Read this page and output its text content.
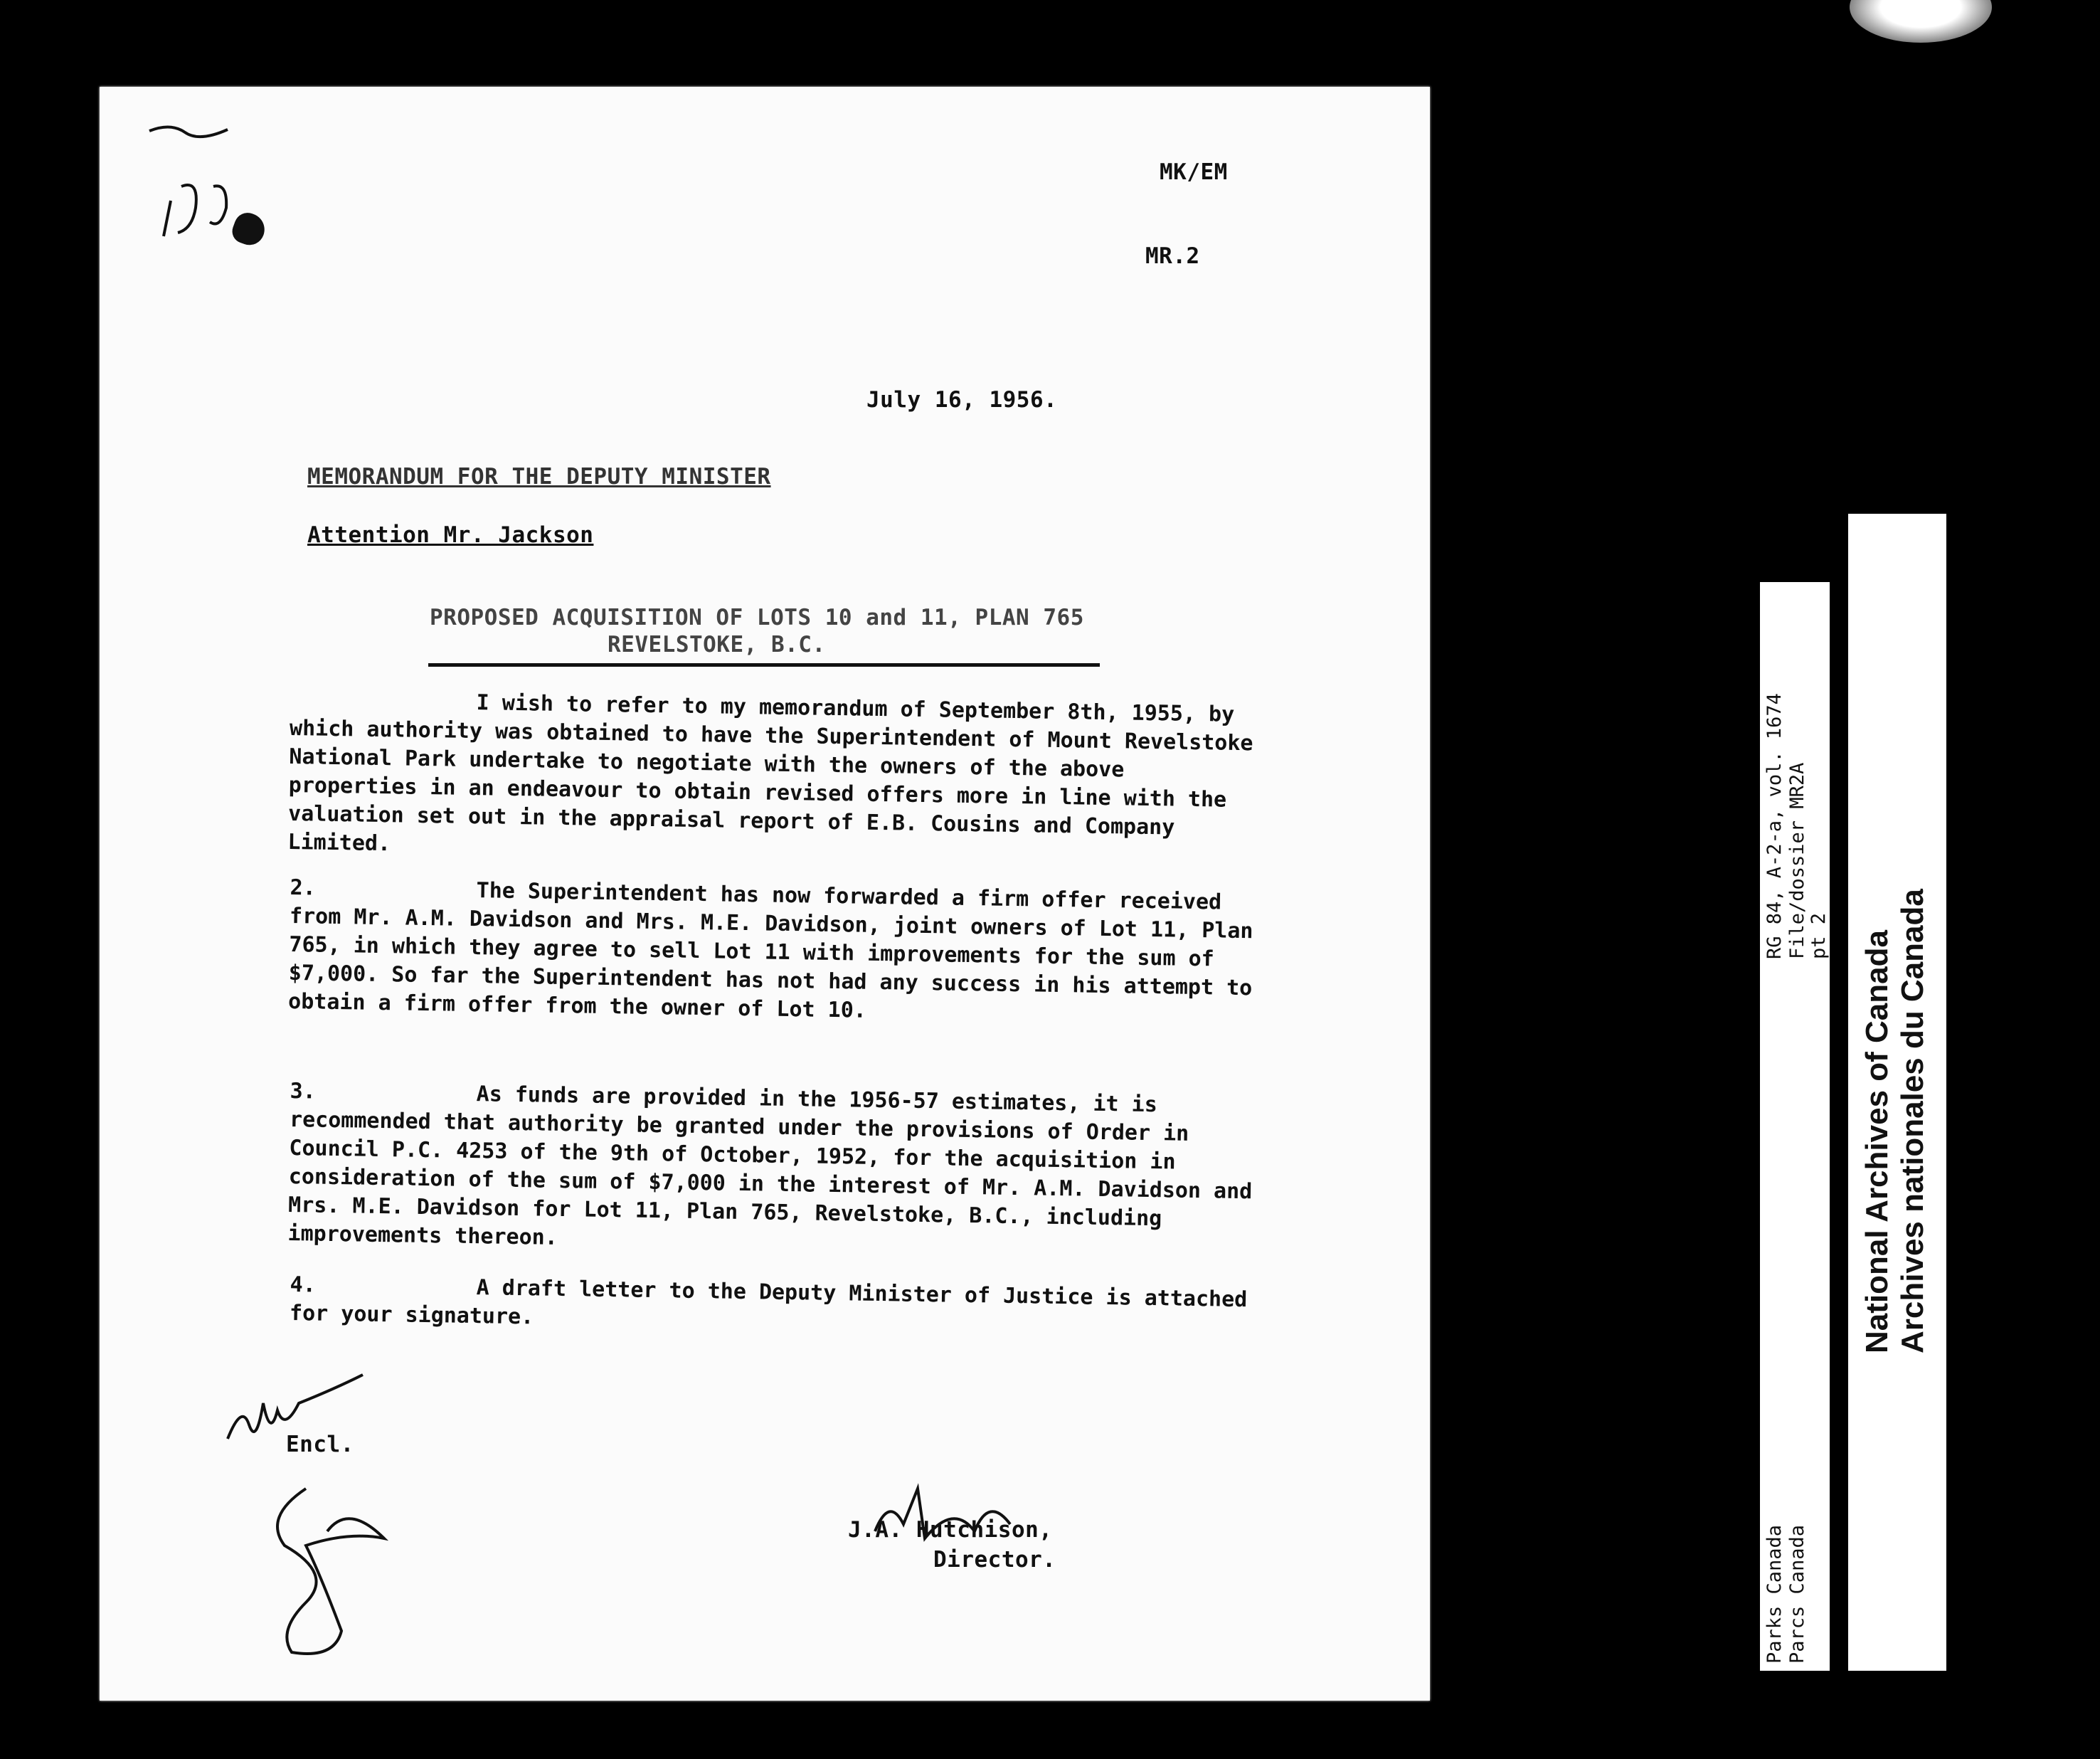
MK/EM
MR.2
July 16, 1956.
MEMORANDUM FOR THE DEPUTY MINISTER
Attention Mr. Jackson
PROPOSED ACQUISITION OF LOTS 10 and 11, PLAN 765
REVELSTOKE, B.C.
I wish to refer to my memorandum of September 8th, 1955, by which authority was obtained to have the Superintendent of Mount Revelstoke National Park undertake to negotiate with the owners of the above properties in an endeavour to obtain revised offers more in line with the valuation set out in the appraisal report of E.B. Cousins and Company Limited.
2.	The Superintendent has now forwarded a firm offer received from Mr. A.M. Davidson and Mrs. M.E. Davidson, joint owners of Lot 11, Plan 765, in which they agree to sell Lot 11 with improvements for the sum of $7,000. So far the Superintendent has not had any success in his attempt to obtain a firm offer from the owner of Lot 10.
3.	As funds are provided in the 1956-57 estimates, it is recommended that authority be granted under the provisions of Order in Council P.C. 4253 of the 9th of October, 1952, for the acquisition in consideration of the sum of $7,000 in the interest of Mr. A.M. Davidson and Mrs. M.E. Davidson for Lot 11, Plan 765, Revelstoke, B.C., including improvements thereon.
4.	A draft letter to the Deputy Minister of Justice is attached for your signature.
Encl.
J.A. Hutchison,
Director.
RG 84, A-2-a, vol. 1674 File/dossier MR2A pt 2
Parks Canada Parcs Canada
National Archives of Canada Archives nationales du Canada
